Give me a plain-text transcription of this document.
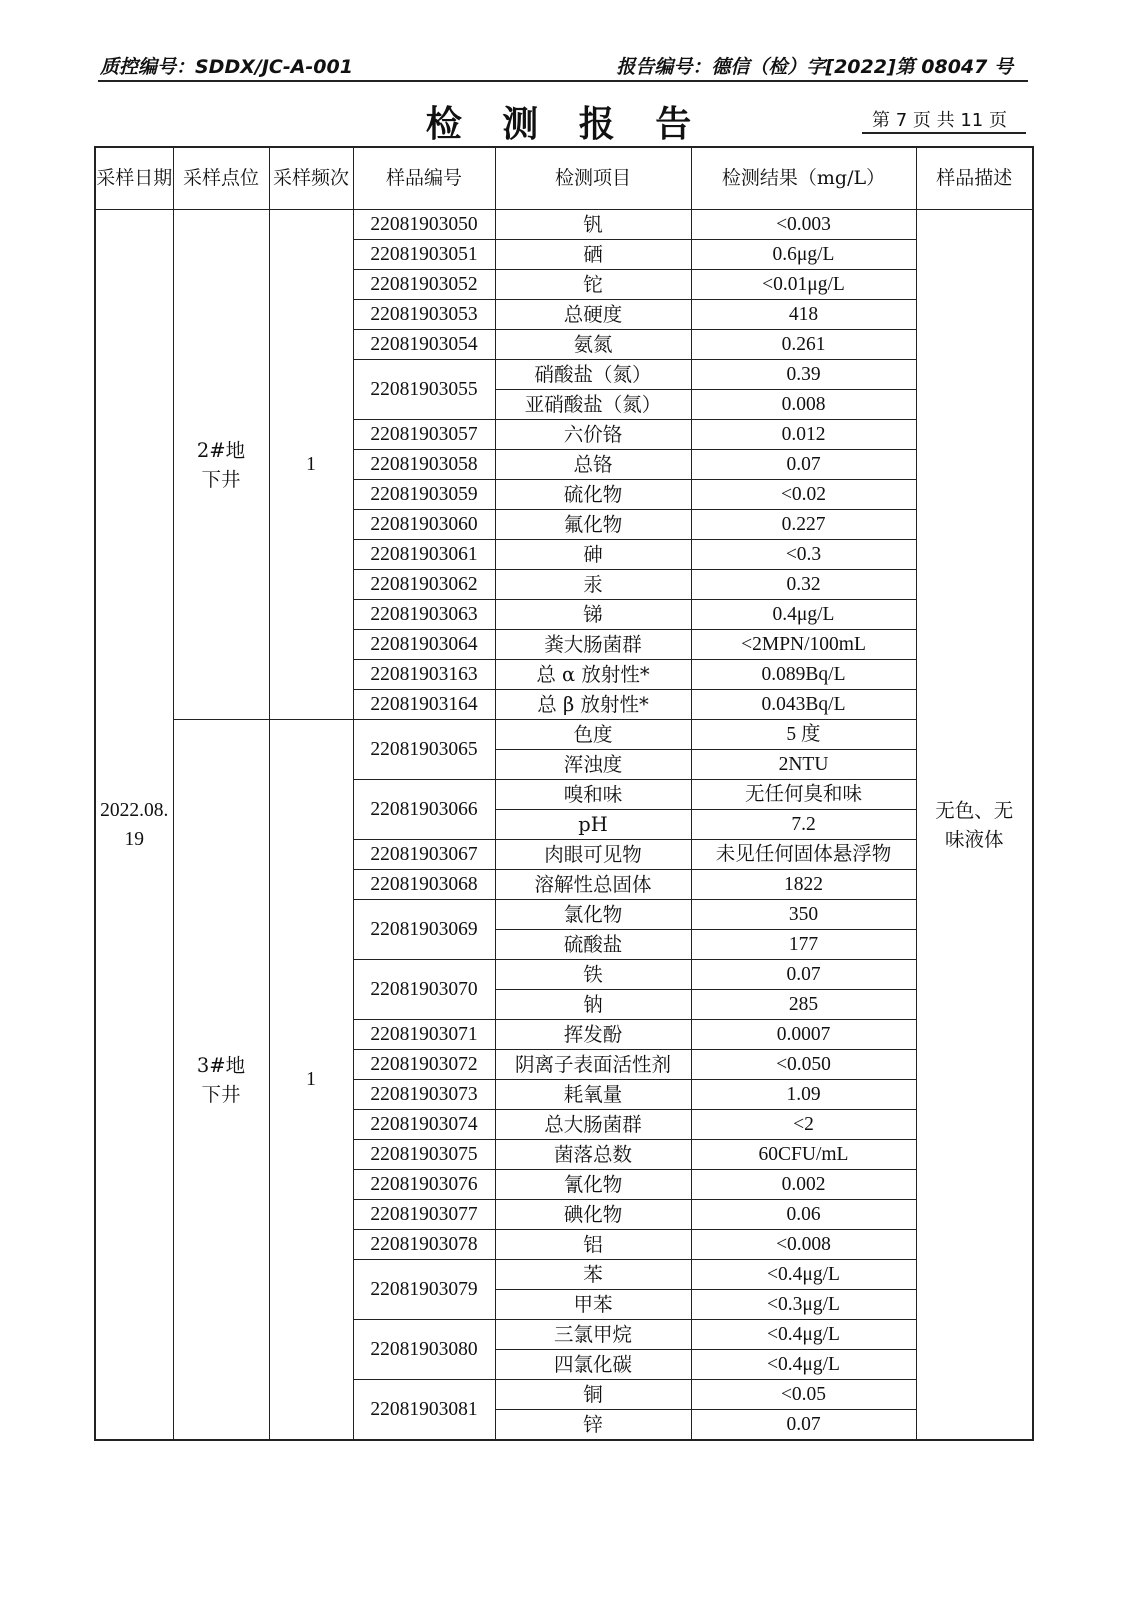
质控编号：SDDX/JC-A-001	报告编号：德信（检）字[2022]第 08047 号
检 测 报 告	第 7 页 共 11 页
采样日期	采样点位	采样频次	样品编号	检测项目	检测结果（mg/L）	样品描述
2022.08.19	2#地下井	1	22081903050	钒	<0.003	无色、无味液体
			22081903051	硒	0.6μg/L	
			22081903052	铊	<0.01μg/L	
			22081903053	总硬度	418	
			22081903054	氨氮	0.261	
			22081903055	硝酸盐（氮）	0.39	
				亚硝酸盐（氮）	0.008	
			22081903057	六价铬	0.012	
			22081903058	总铬	0.07	
			22081903059	硫化物	<0.02	
			22081903060	氟化物	0.227	
			22081903061	砷	<0.3	
			22081903062	汞	0.32	
			22081903063	锑	0.4μg/L	
			22081903064	粪大肠菌群	<2MPN/100mL	
			22081903163	总 α 放射性*	0.089Bq/L	
			22081903164	总 β 放射性*	0.043Bq/L	
	3#地下井	1	22081903065	色度	5 度	
				浑浊度	2NTU	
			22081903066	嗅和味	无任何臭和味	
				pH	7.2	
			22081903067	肉眼可见物	未见任何固体悬浮物	
			22081903068	溶解性总固体	1822	
			22081903069	氯化物	350	
				硫酸盐	177	
			22081903070	铁	0.07	
				钠	285	
			22081903071	挥发酚	0.0007	
			22081903072	阴离子表面活性剂	<0.050	
			22081903073	耗氧量	1.09	
			22081903074	总大肠菌群	<2	
			22081903075	菌落总数	60CFU/mL	
			22081903076	氰化物	0.002	
			22081903077	碘化物	0.06	
			22081903078	铝	<0.008	
			22081903079	苯	<0.4μg/L	
				甲苯	<0.3μg/L	
			22081903080	三氯甲烷	<0.4μg/L	
				四氯化碳	<0.4μg/L	
			22081903081	铜	<0.05	
				锌	0.07	
